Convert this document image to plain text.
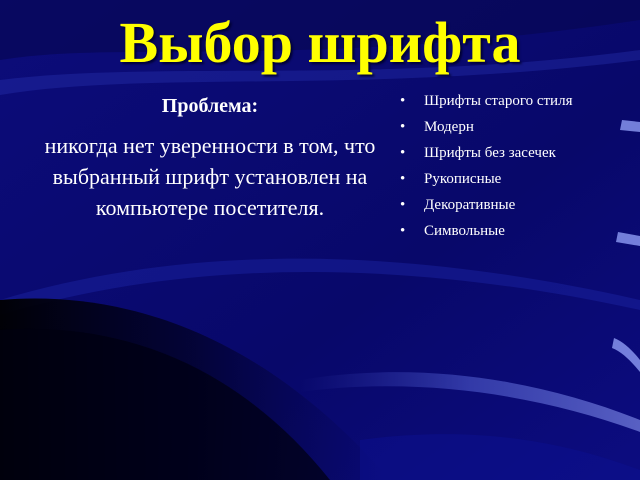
Выбор шрифта
Проблема:

никогда нет уверенности в том, что выбранный шрифт установлен на компьютере посетителя.

• Шрифты старого стиля
• Модерн
• Шрифты без засечек
• Рукописные
• Декоративные
• Символьные
